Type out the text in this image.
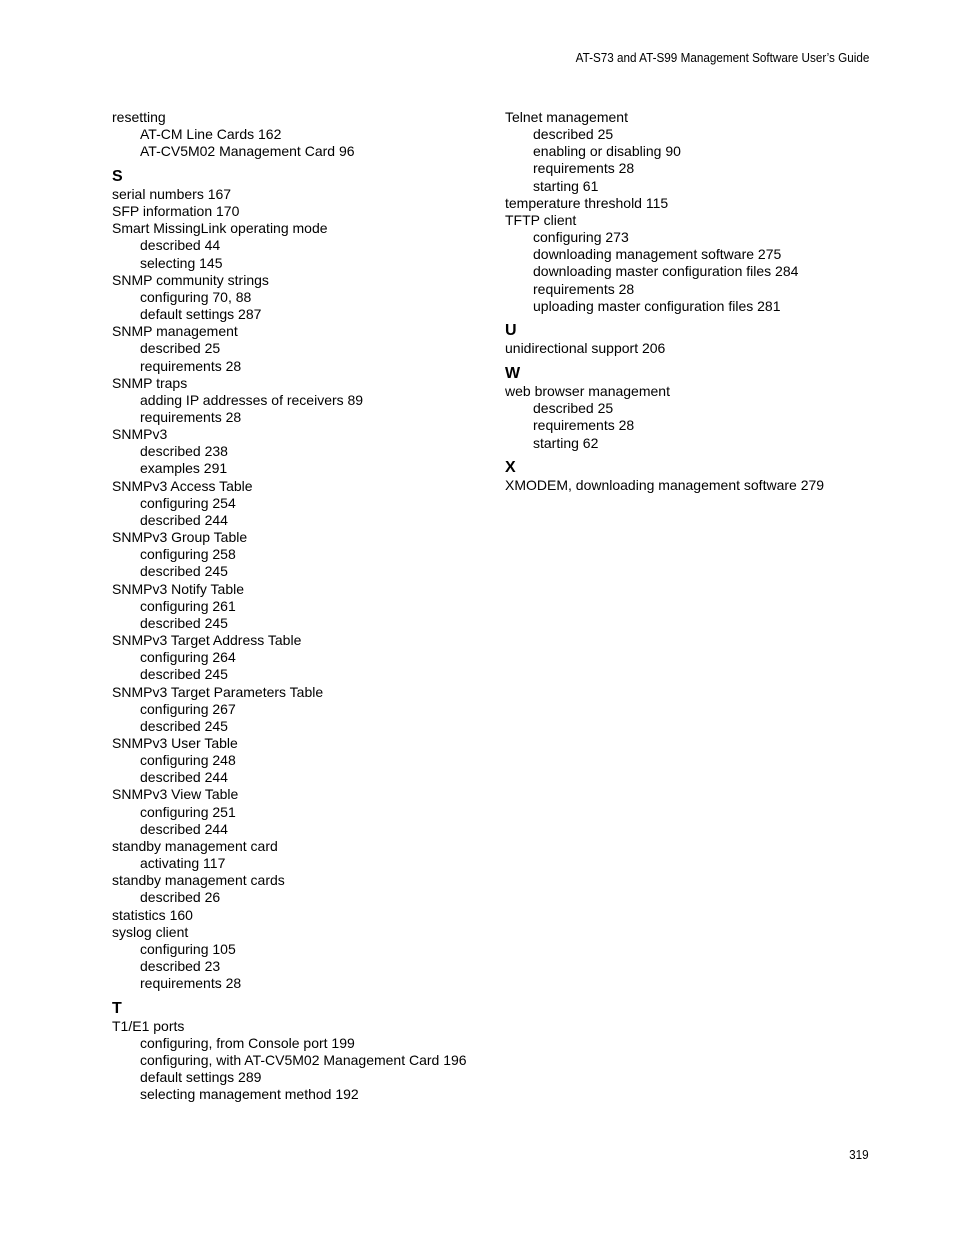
AT-S73 and AT-S99 Management Software User’s Guide
resetting
AT-CM Line Cards 162
AT-CV5M02 Management Card 96
S
serial numbers 167
SFP information 170
Smart MissingLink operating mode
described 44
selecting 145
SNMP community strings
configuring 70, 88
default settings 287
SNMP management
described 25
requirements 28
SNMP traps
adding IP addresses of receivers 89
requirements 28
SNMPv3
described 238
examples 291
SNMPv3 Access Table
configuring 254
described 244
SNMPv3 Group Table
configuring 258
described 245
SNMPv3 Notify Table
configuring 261
described 245
SNMPv3 Target Address Table
configuring 264
described 245
SNMPv3 Target Parameters Table
configuring 267
described 245
SNMPv3 User Table
configuring 248
described 244
SNMPv3 View Table
configuring 251
described 244
standby management card
activating 117
standby management cards
described 26
statistics 160
syslog client
configuring 105
described 23
requirements 28
T
T1/E1 ports
configuring, from Console port 199
configuring, with AT-CV5M02 Management Card 196
default settings 289
selecting management method 192
Telnet management
described 25
enabling or disabling 90
requirements 28
starting 61
temperature threshold 115
TFTP client
configuring 273
downloading management software 275
downloading master configuration files 284
requirements 28
uploading master configuration files 281
U
unidirectional support 206
W
web browser management
described 25
requirements 28
starting 62
X
XMODEM, downloading management software 279
319
